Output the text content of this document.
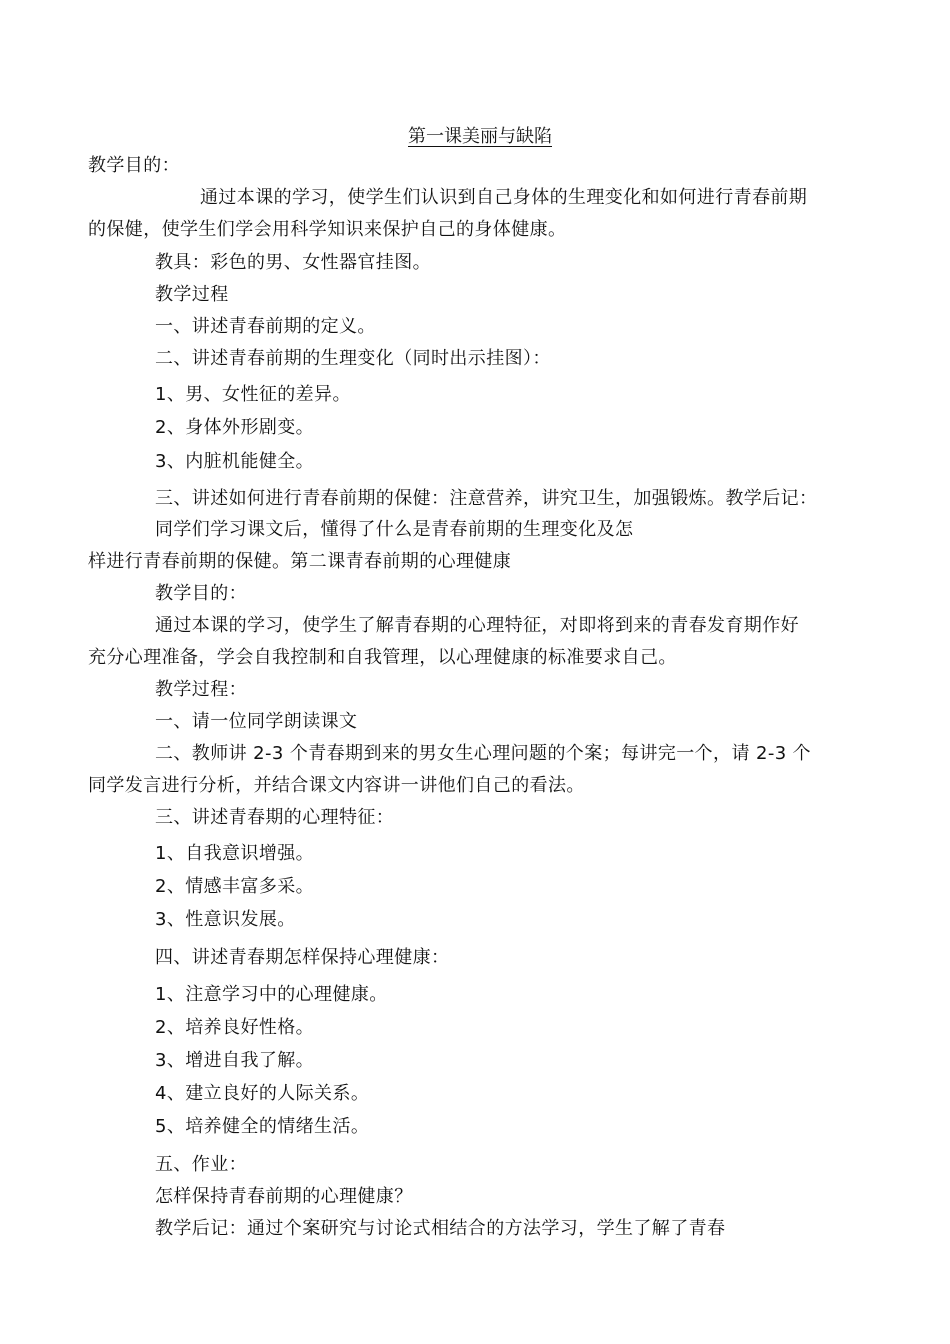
第一课美丽与缺陷
教学目的：
通过本课的学习，使学生们认识到自己身体的生理变化和如何进行青春前期
的保健，使学生们学会用科学知识来保护自己的身体健康。
教具：彩色的男、女性器官挂图。
教学过程
一、讲述青春前期的定义。
二、讲述青春前期的生理变化（同时出示挂图）：
1、男、女性征的差异。
2、身体外形剧变。
3、内脏机能健全。
三、讲述如何进行青春前期的保健：注意营养，讲究卫生，加强锻炼。教学后记：
同学们学习课文后，懂得了什么是青春前期的生理变化及怎
样进行青春前期的保健。第二课青春前期的心理健康
教学目的：
通过本课的学习，使学生了解青春期的心理特征，对即将到来的青春发育期作好
充分心理准备，学会自我控制和自我管理，以心理健康的标准要求自己。
教学过程：
一、请一位同学朗读课文
二、教师讲 2-3 个青春期到来的男女生心理问题的个案；每讲完一个，请 2-3 个
同学发言进行分析，并结合课文内容讲一讲他们自己的看法。
三、讲述青春期的心理特征：
1、自我意识增强。
2、情感丰富多采。
3、性意识发展。
四、讲述青春期怎样保持心理健康：
1、注意学习中的心理健康。
2、培养良好性格。
3、增进自我了解。
4、建立良好的人际关系。
5、培养健全的情绪生活。
五、作业：
怎样保持青春前期的心理健康？
教学后记：通过个案研究与讨论式相结合的方法学习，学生了解了青春
